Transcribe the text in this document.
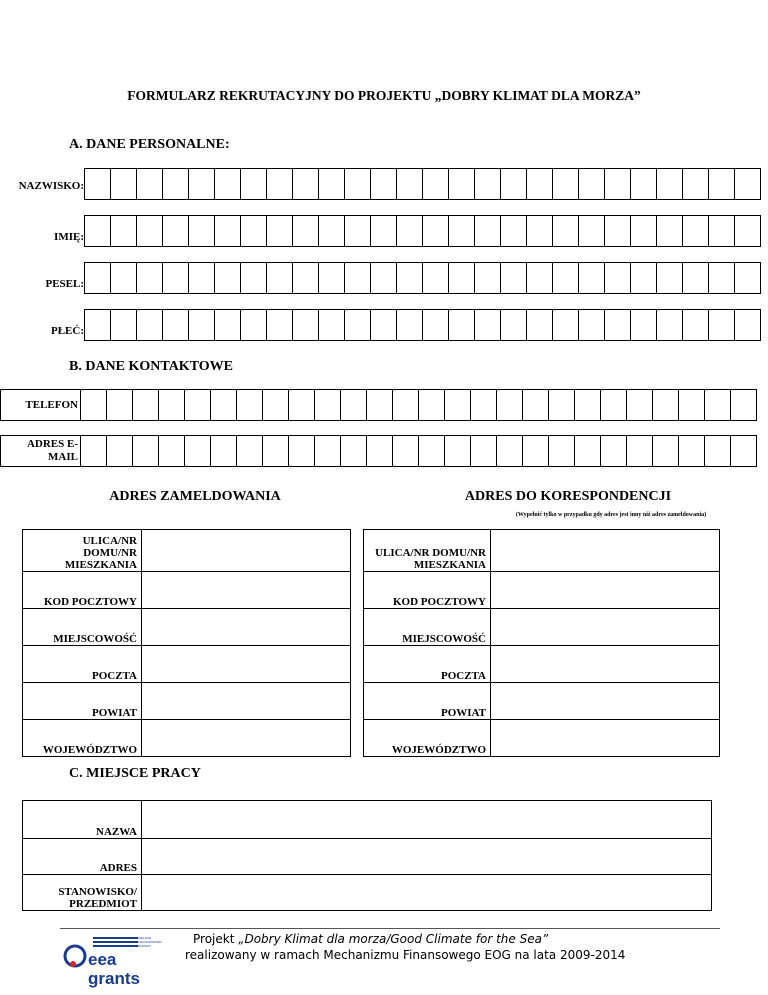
FORMULARZ REKRUTACYJNY DO PROJEKTU „DOBRY KLIMAT DLA MORZA”
A. DANE PERSONALNE:
NAZWISKO:
IMIĘ:
PESEL:
PŁEĆ:
B. DANE KONTAKTOWE
TELEFON
ADRES E-
MAIL
ADRES ZAMELDOWANIA	ADRES DO KORESPONDENCJI
(Wypełnić tylko w przypadku gdy adres jest inny niż adres zameldowania)
ULICA/NR DOMU/NR MIESZKANIA	
KOD POCZTOWY	
MIEJSCOWOŚĆ	
POCZTA	
POWIAT	
WOJEWÓDZTWO	
ULICA/NR DOMU/NR MIESZKANIA	
KOD POCZTOWY	
MIEJSCOWOŚĆ	
POCZTA	
POWIAT	
WOJEWÓDZTWO	
C. MIEJSCE PRACY
NAZWA	
ADRES	
STANOWISKO/ PRZEDMIOT	
ICELAND LIECHTENSTEIN NORWAY
eea grants
Projekt „Dobry Klimat dla morza/Good Climate for the Sea”
realizowany w ramach Mechanizmu Finansowego EOG na lata 2009-2014
